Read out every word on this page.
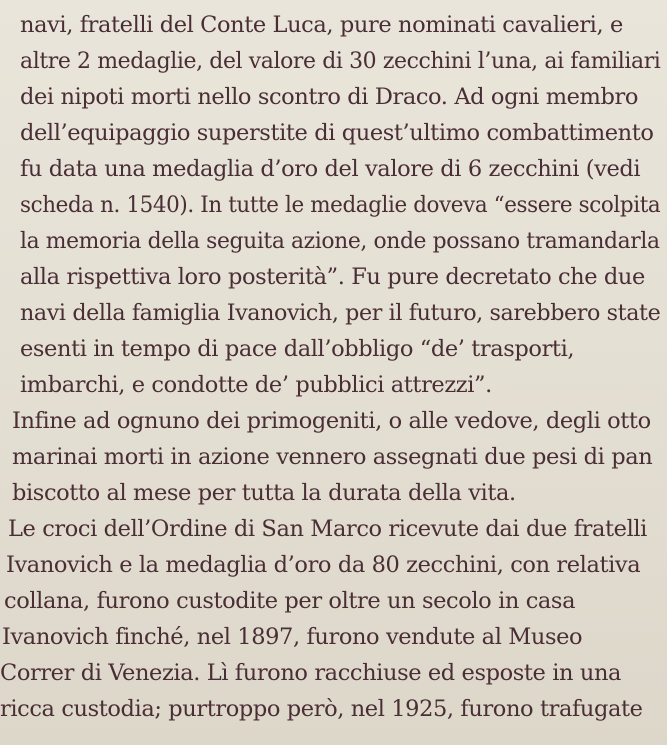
navi, fratelli del Conte Luca, pure nominati cavalieri, e
altre 2 medaglie, del valore di 30 zecchini l’una, ai familiari
dei nipoti morti nello scontro di Draco. Ad ogni membro
dell’equipaggio superstite di quest’ultimo combattimento
fu data una medaglia d’oro del valore di 6 zecchini (vedi
scheda n. 1540). In tutte le medaglie doveva “essere scolpita
la memoria della seguita azione, onde possano tramandarla
alla rispettiva loro posterità”. Fu pure decretato che due
navi della famiglia Ivanovich, per il futuro, sarebbero state
esenti in tempo di pace dall’obbligo “de’ trasporti,
imbarchi, e condotte de’ pubblici attrezzi”.
Infine ad ognuno dei primogeniti, o alle vedove, degli otto
marinai morti in azione vennero assegnati due pesi di pan
biscotto al mese per tutta la durata della vita.
Le croci dell’Ordine di San Marco ricevute dai due fratelli
Ivanovich e la medaglia d’oro da 80 zecchini, con relativa
collana, furono custodite per oltre un secolo in casa
Ivanovich finché, nel 1897, furono vendute al Museo
Correr di Venezia. Lì furono racchiuse ed esposte in una
ricca custodia; purtroppo però, nel 1925, furono trafugate
